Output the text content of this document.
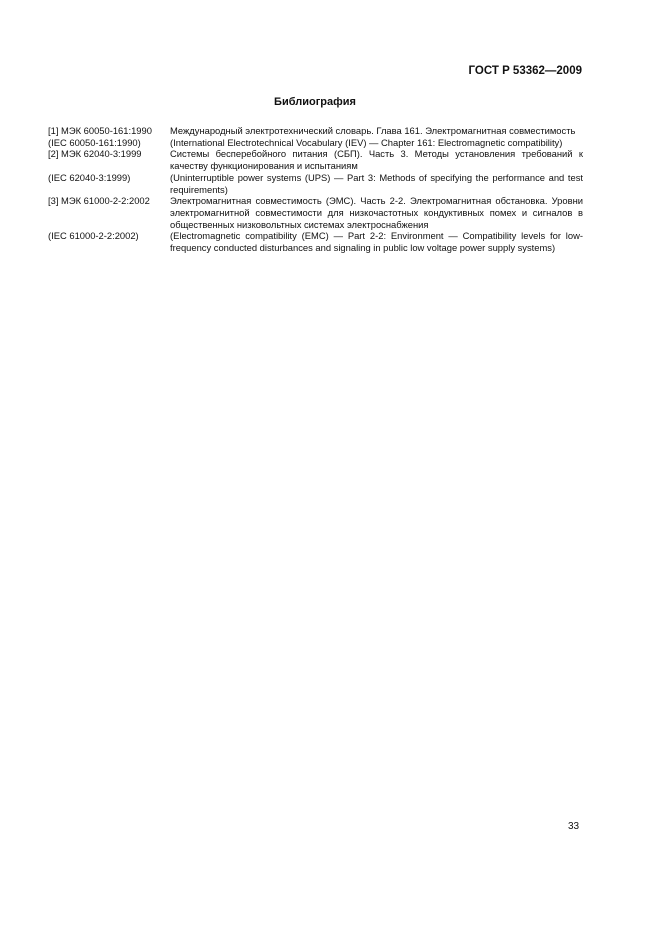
ГОСТ Р 53362—2009
Библиография
[1] МЭК 60050-161:1990	Международный электротехнический словарь. Глава 161. Электромагнитная совместимость
(IEC 60050-161:1990)	(International Electrotechnical Vocabulary (IEV) — Chapter 161: Electromagnetic compatibility)
[2] МЭК 62040-3:1999	Системы бесперебойного питания (СБП). Часть 3. Методы установления требований к качеству функционирования и испытаниям
(IEC 62040-3:1999)	(Uninterruptible power systems (UPS) — Part 3: Methods of specifying the performance and test requirements)
[3] МЭК 61000-2-2:2002	Электромагнитная совместимость (ЭМС). Часть 2-2. Электромагнитная обстановка. Уровни электромагнитной совместимости для низкочастотных кондуктивных помех и сигналов в общественных низковольтных системах электроснабжения
(IEC 61000-2-2:2002)	(Electromagnetic compatibility (EMC) — Part 2-2: Environment — Compatibility levels for low-frequency conducted disturbances and signaling in public low voltage power supply systems)
33
